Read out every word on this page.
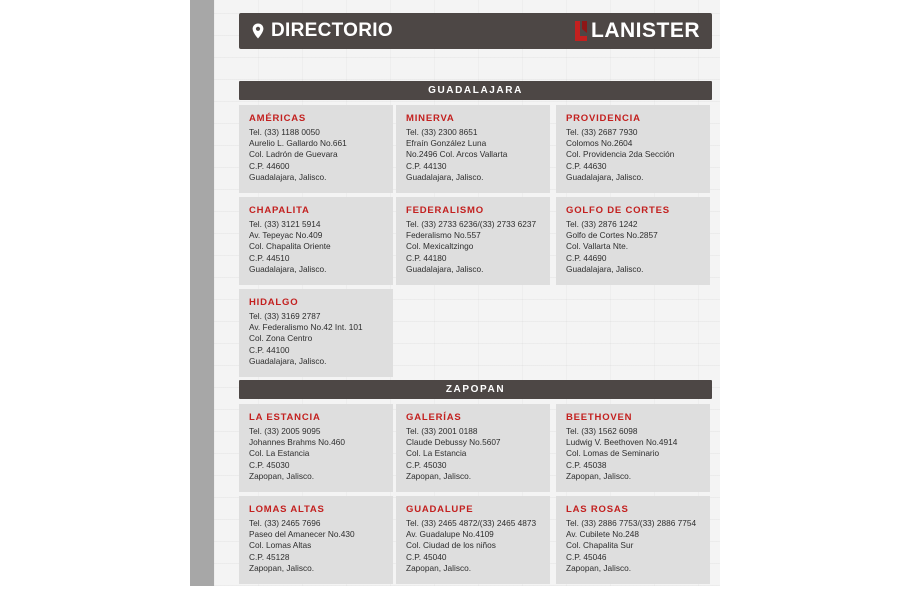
DIRECTORIO	LANISTER
GUADALAJARA
AMÉRICAS
Tel. (33) 1188 0050
Aurelio L. Gallardo No.661
Col. Ladrón de Guevara
C.P. 44600
Guadalajara, Jalisco.
MINERVA
Tel. (33) 2300 8651
Efraín González Luna
No.2496 Col. Arcos Vallarta
C.P. 44130
Guadalajara, Jalisco.
PROVIDENCIA
Tel. (33) 2687 7930
Colomos No.2604
Col. Providencia 2da Sección
C.P. 44630
Guadalajara, Jalisco.
CHAPALITA
Tel. (33) 3121 5914
Av. Tepeyac No.409
Col. Chapalita Oriente
C.P. 44510
Guadalajara, Jalisco.
FEDERALISMO
Tel. (33) 2733 6236/(33) 2733 6237
Federalismo No.557
Col. Mexicaltzingo
C.P. 44180
Guadalajara, Jalisco.
GOLFO DE CORTES
Tel. (33) 2876 1242
Golfo de Cortes No.2857
Col. Vallarta Nte.
C.P. 44690
Guadalajara, Jalisco.
HIDALGO
Tel. (33) 3169 2787
Av. Federalismo No.42 Int. 101
Col. Zona Centro
C.P. 44100
Guadalajara, Jalisco.
ZAPOPAN
LA ESTANCIA
Tel. (33) 2005 9095
Johannes Brahms No.460
Col. La Estancia
C.P. 45030
Zapopan, Jalisco.
GALERÍAS
Tel. (33) 2001 0188
Claude Debussy No.5607
Col. La Estancia
C.P. 45030
Zapopan, Jalisco.
BEETHOVEN
Tel. (33) 1562 6098
Ludwig V. Beethoven No.4914
Col. Lomas de Seminario
C.P. 45038
Zapopan, Jalisco.
LOMAS ALTAS
Tel. (33) 2465 7696
Paseo del Amanecer No.430
Col. Lomas Altas
C.P. 45128
Zapopan, Jalisco.
GUADALUPE
Tel. (33) 2465 4872/(33) 2465 4873
Av. Guadalupe No.4109
Col. Ciudad de los niños
C.P. 45040
Zapopan, Jalisco.
LAS ROSAS
Tel. (33) 2886 7753/(33) 2886 7754
Av. Cubilete No.248
Col. Chapalita Sur
C.P. 45046
Zapopan, Jalisco.
